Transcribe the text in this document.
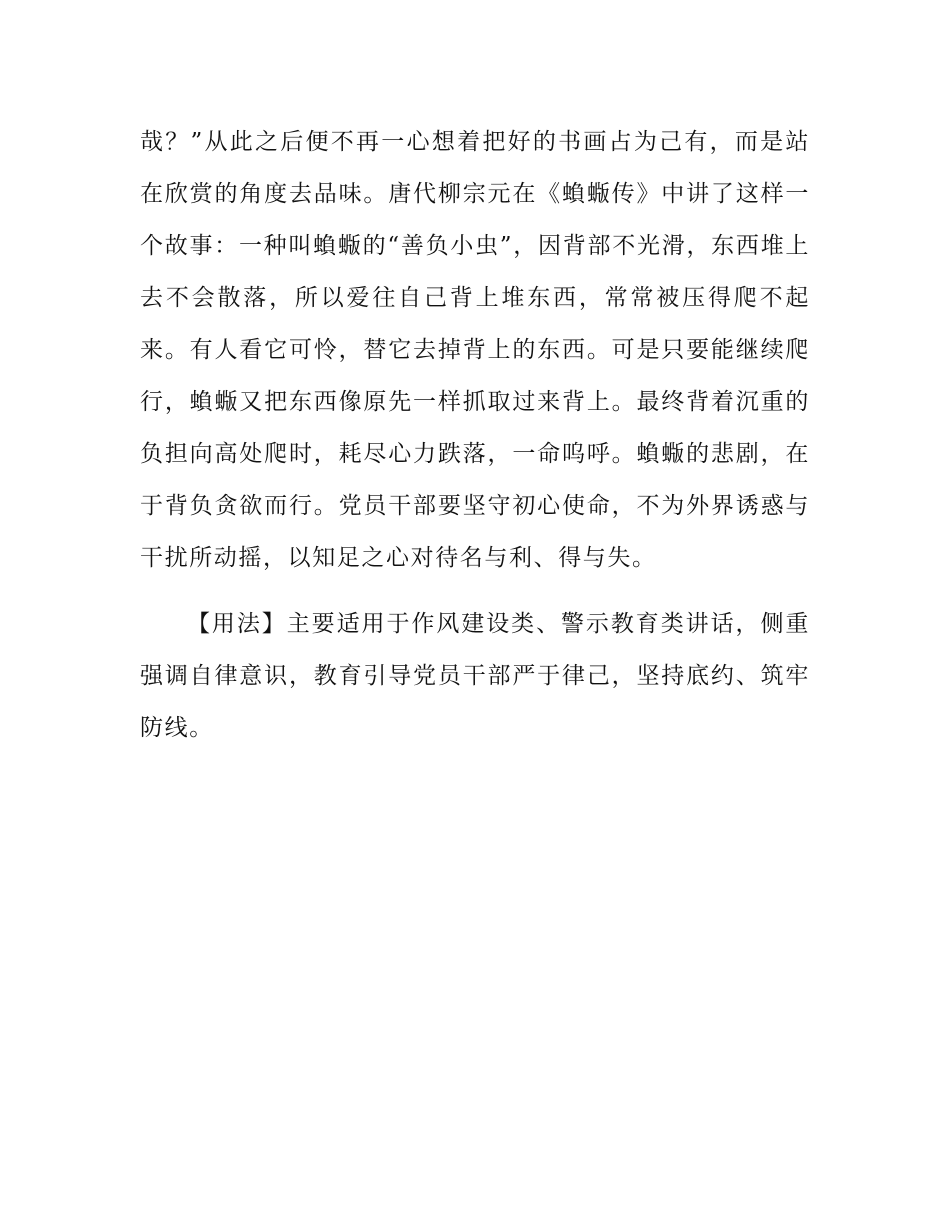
哉？”从此之后便不再一心想着把好的书画占为己有，而是站在欣赏的角度去品味。唐代柳宗元在《蝜蝂传》中讲了这样一个故事：一种叫蝜蝂的“善负小虫”，因背部不光滑，东西堆上去不会散落，所以爱往自己背上堆东西，常常被压得爬不起来。有人看它可怜，替它去掉背上的东西。可是只要能继续爬行，蝜蝂又把东西像原先一样抓取过来背上。最终背着沉重的负担向高处爬时，耗尽心力跌落，一命呜呼。蝜蝂的悲剧，在于背负贪欲而行。党员干部要坚守初心使命，不为外界诱惑与干扰所动摇，以知足之心对待名与利、得与失。

【用法】主要适用于作风建设类、警示教育类讲话，侧重强调自律意识，教育引导党员干部严于律己，坚持底约、筑牢防线。
